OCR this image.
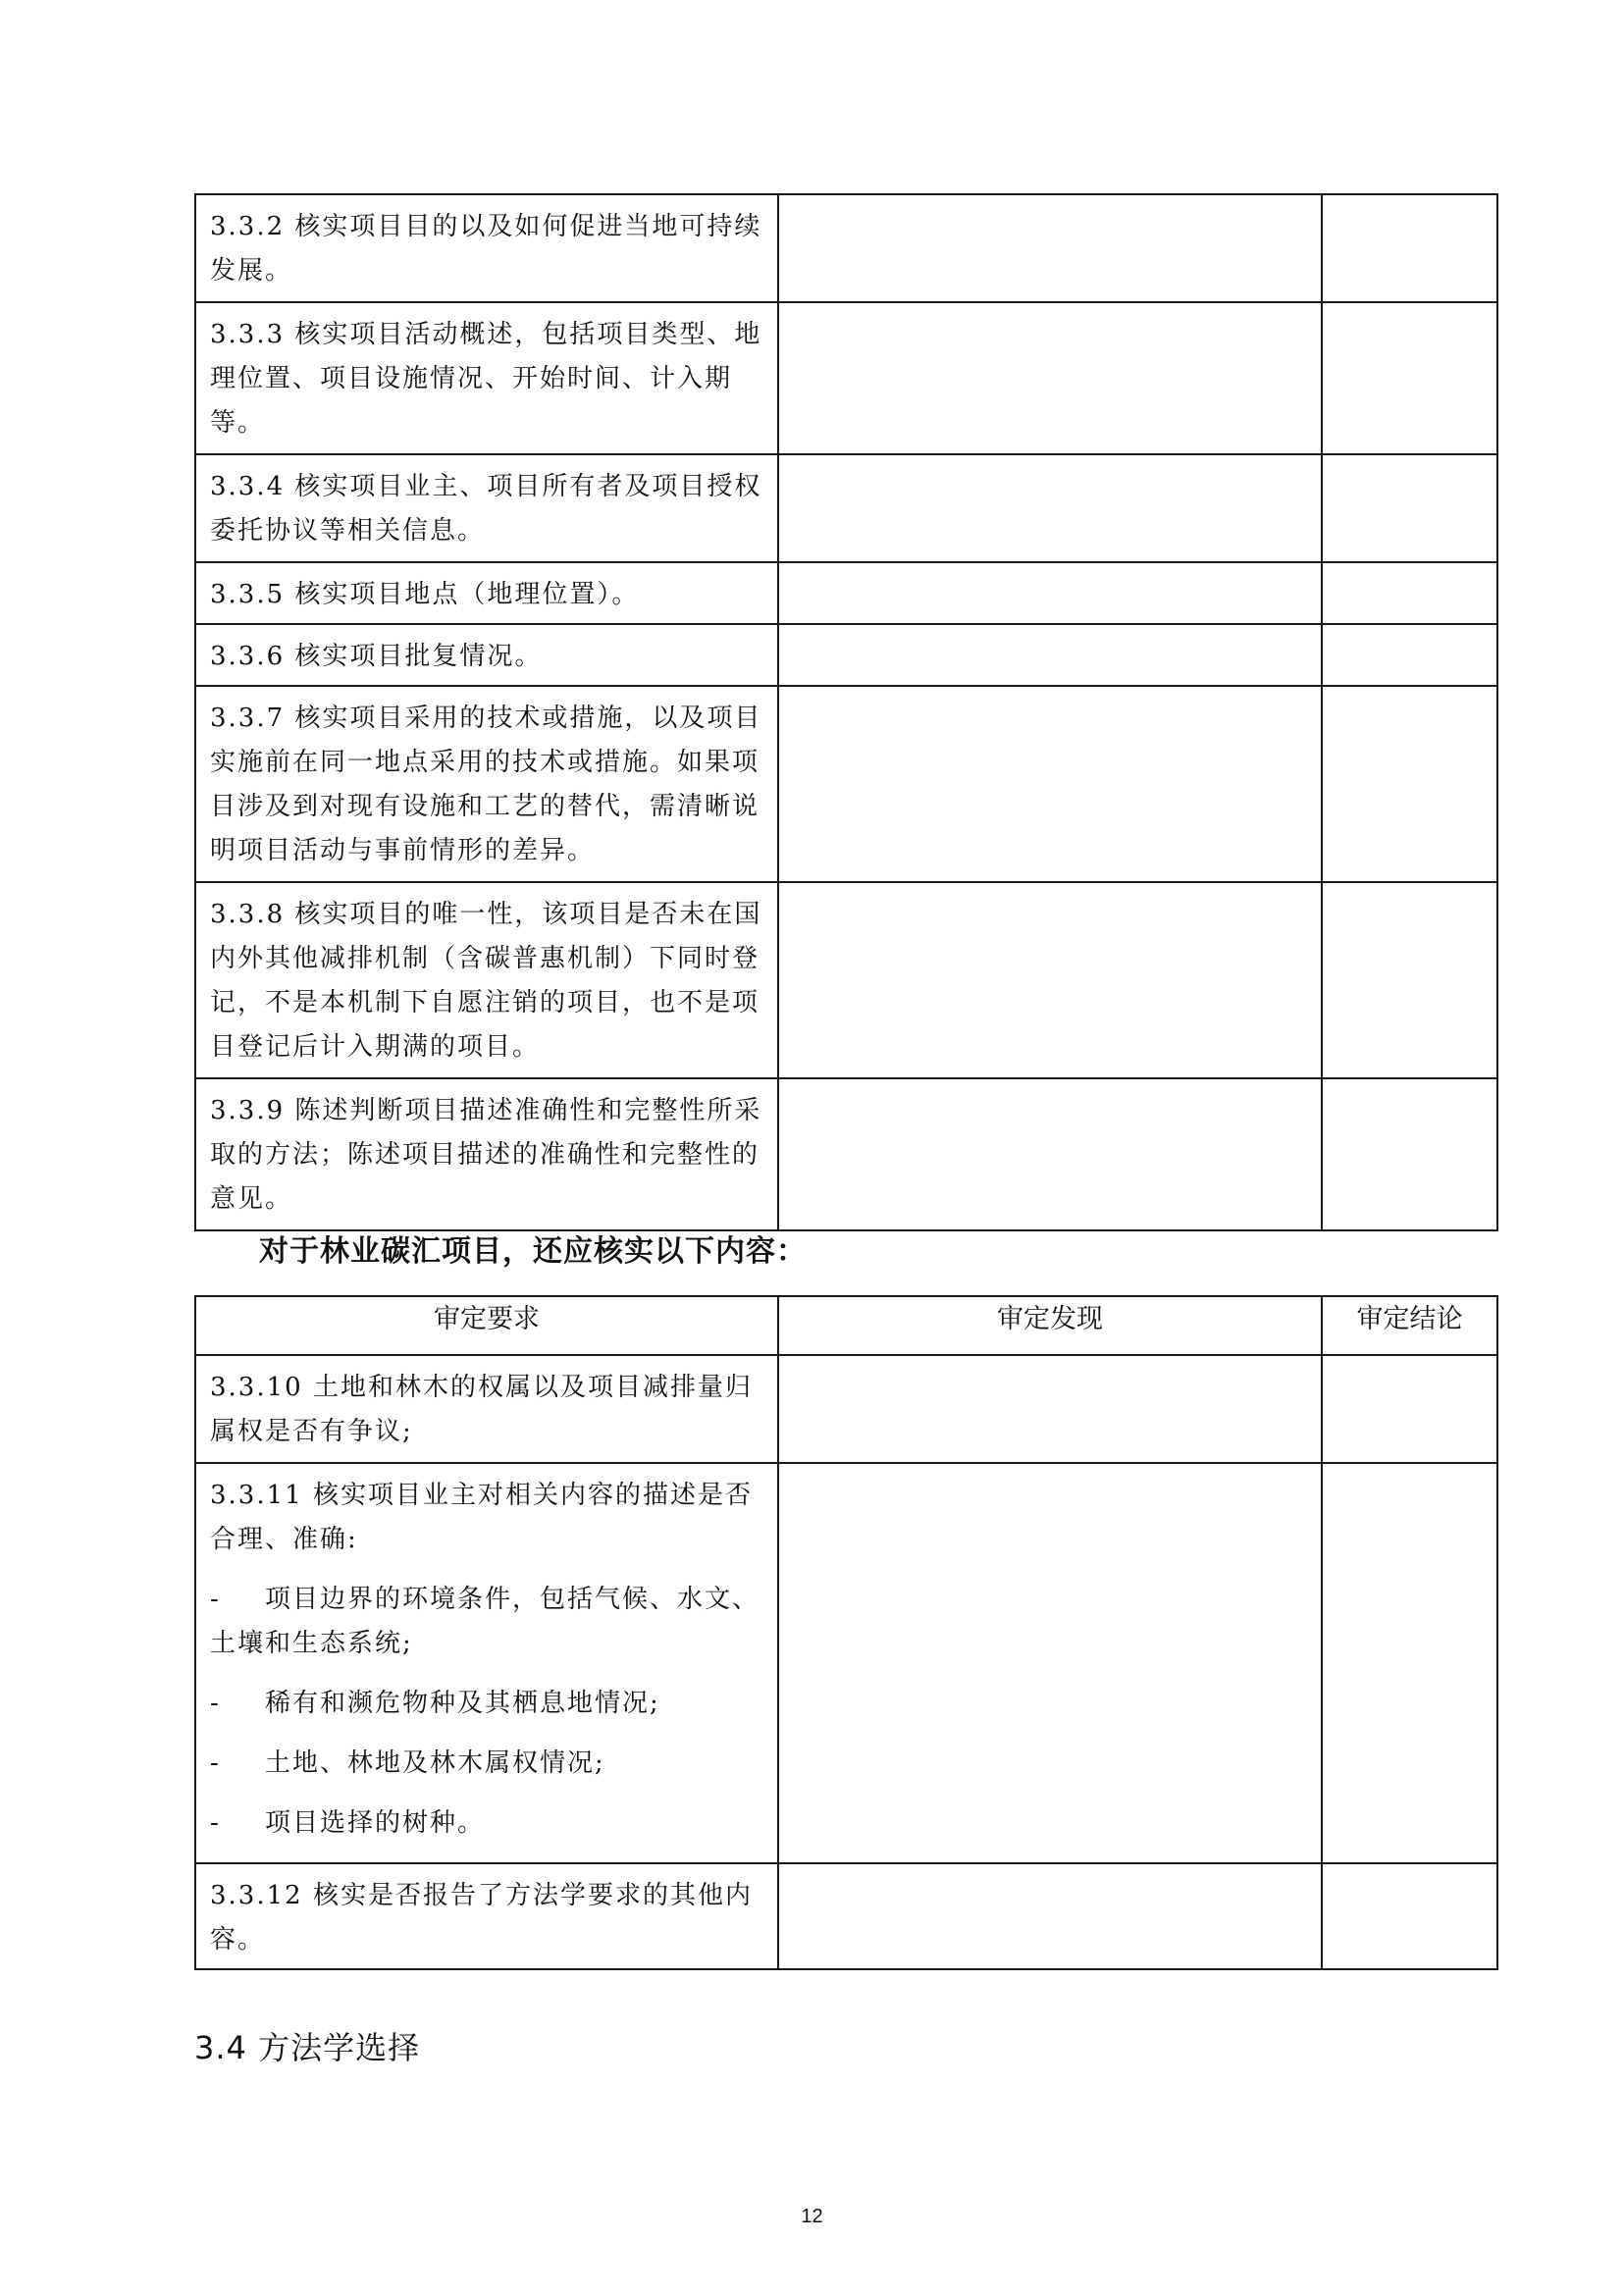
3.3.2 核实项目目的以及如何促进当地可持续发展。		

3.3.3 核实项目活动概述，包括项目类型、地理位置、项目设施情况、开始时间、计入期等。		

3.3.4 核实项目业主、项目所有者及项目授权委托协议等相关信息。		

3.3.5 核实项目地点（地理位置）。		

3.3.6 核实项目批复情况。		

3.3.7 核实项目采用的技术或措施，以及项目实施前在同一地点采用的技术或措施。如果项目涉及到对现有设施和工艺的替代，需清晰说明项目活动与事前情形的差异。		

3.3.8 核实项目的唯一性，该项目是否未在国内外其他减排机制（含碳普惠机制）下同时登记，不是本机制下自愿注销的项目，也不是项目登记后计入期满的项目。		

3.3.9 陈述判断项目描述准确性和完整性所采取的方法；陈述项目描述的准确性和完整性的意见。		

对于林业碳汇项目，还应核实以下内容：
审定要求	审定发现	审定结论

3.3.10 土地和林木的权属以及项目减排量归属权是否有争议;		

3.3.11 核实项目业主对相关内容的描述是否合理、准确:
- 项目边界的环境条件，包括气候、水文、土壤和生态系统;
- 稀有和濒危物种及其栖息地情况;
- 土地、林地及林木属权情况;
- 项目选择的树种。		

3.3.12 核实是否报告了方法学要求的其他内容。		

3.4 方法学选择
12
